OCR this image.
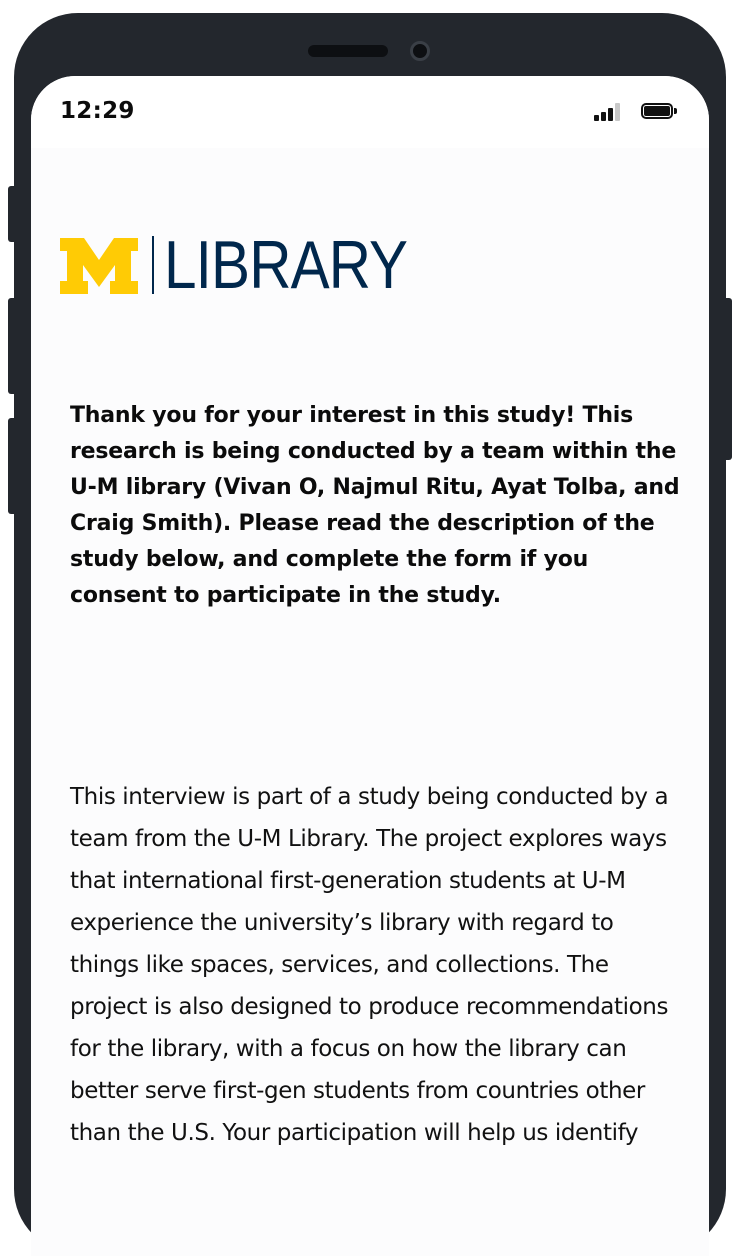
12:29
LIBRARY
Thank you for your interest in this study! This research is being conducted by a team within the U-M library (Vivan O, Najmul Ritu, Ayat Tolba, and Craig Smith). Please read the description of the study below, and complete the form if you consent to participate in the study.
This interview is part of a study being conducted by a team from the U-M Library. The project explores ways that international first-generation students at U-M experience the university’s library with regard to things like spaces, services, and collections. The project is also designed to produce recommendations for the library, with a focus on how the library can better serve first-gen students from countries other than the U.S. Your participation will help us identify
